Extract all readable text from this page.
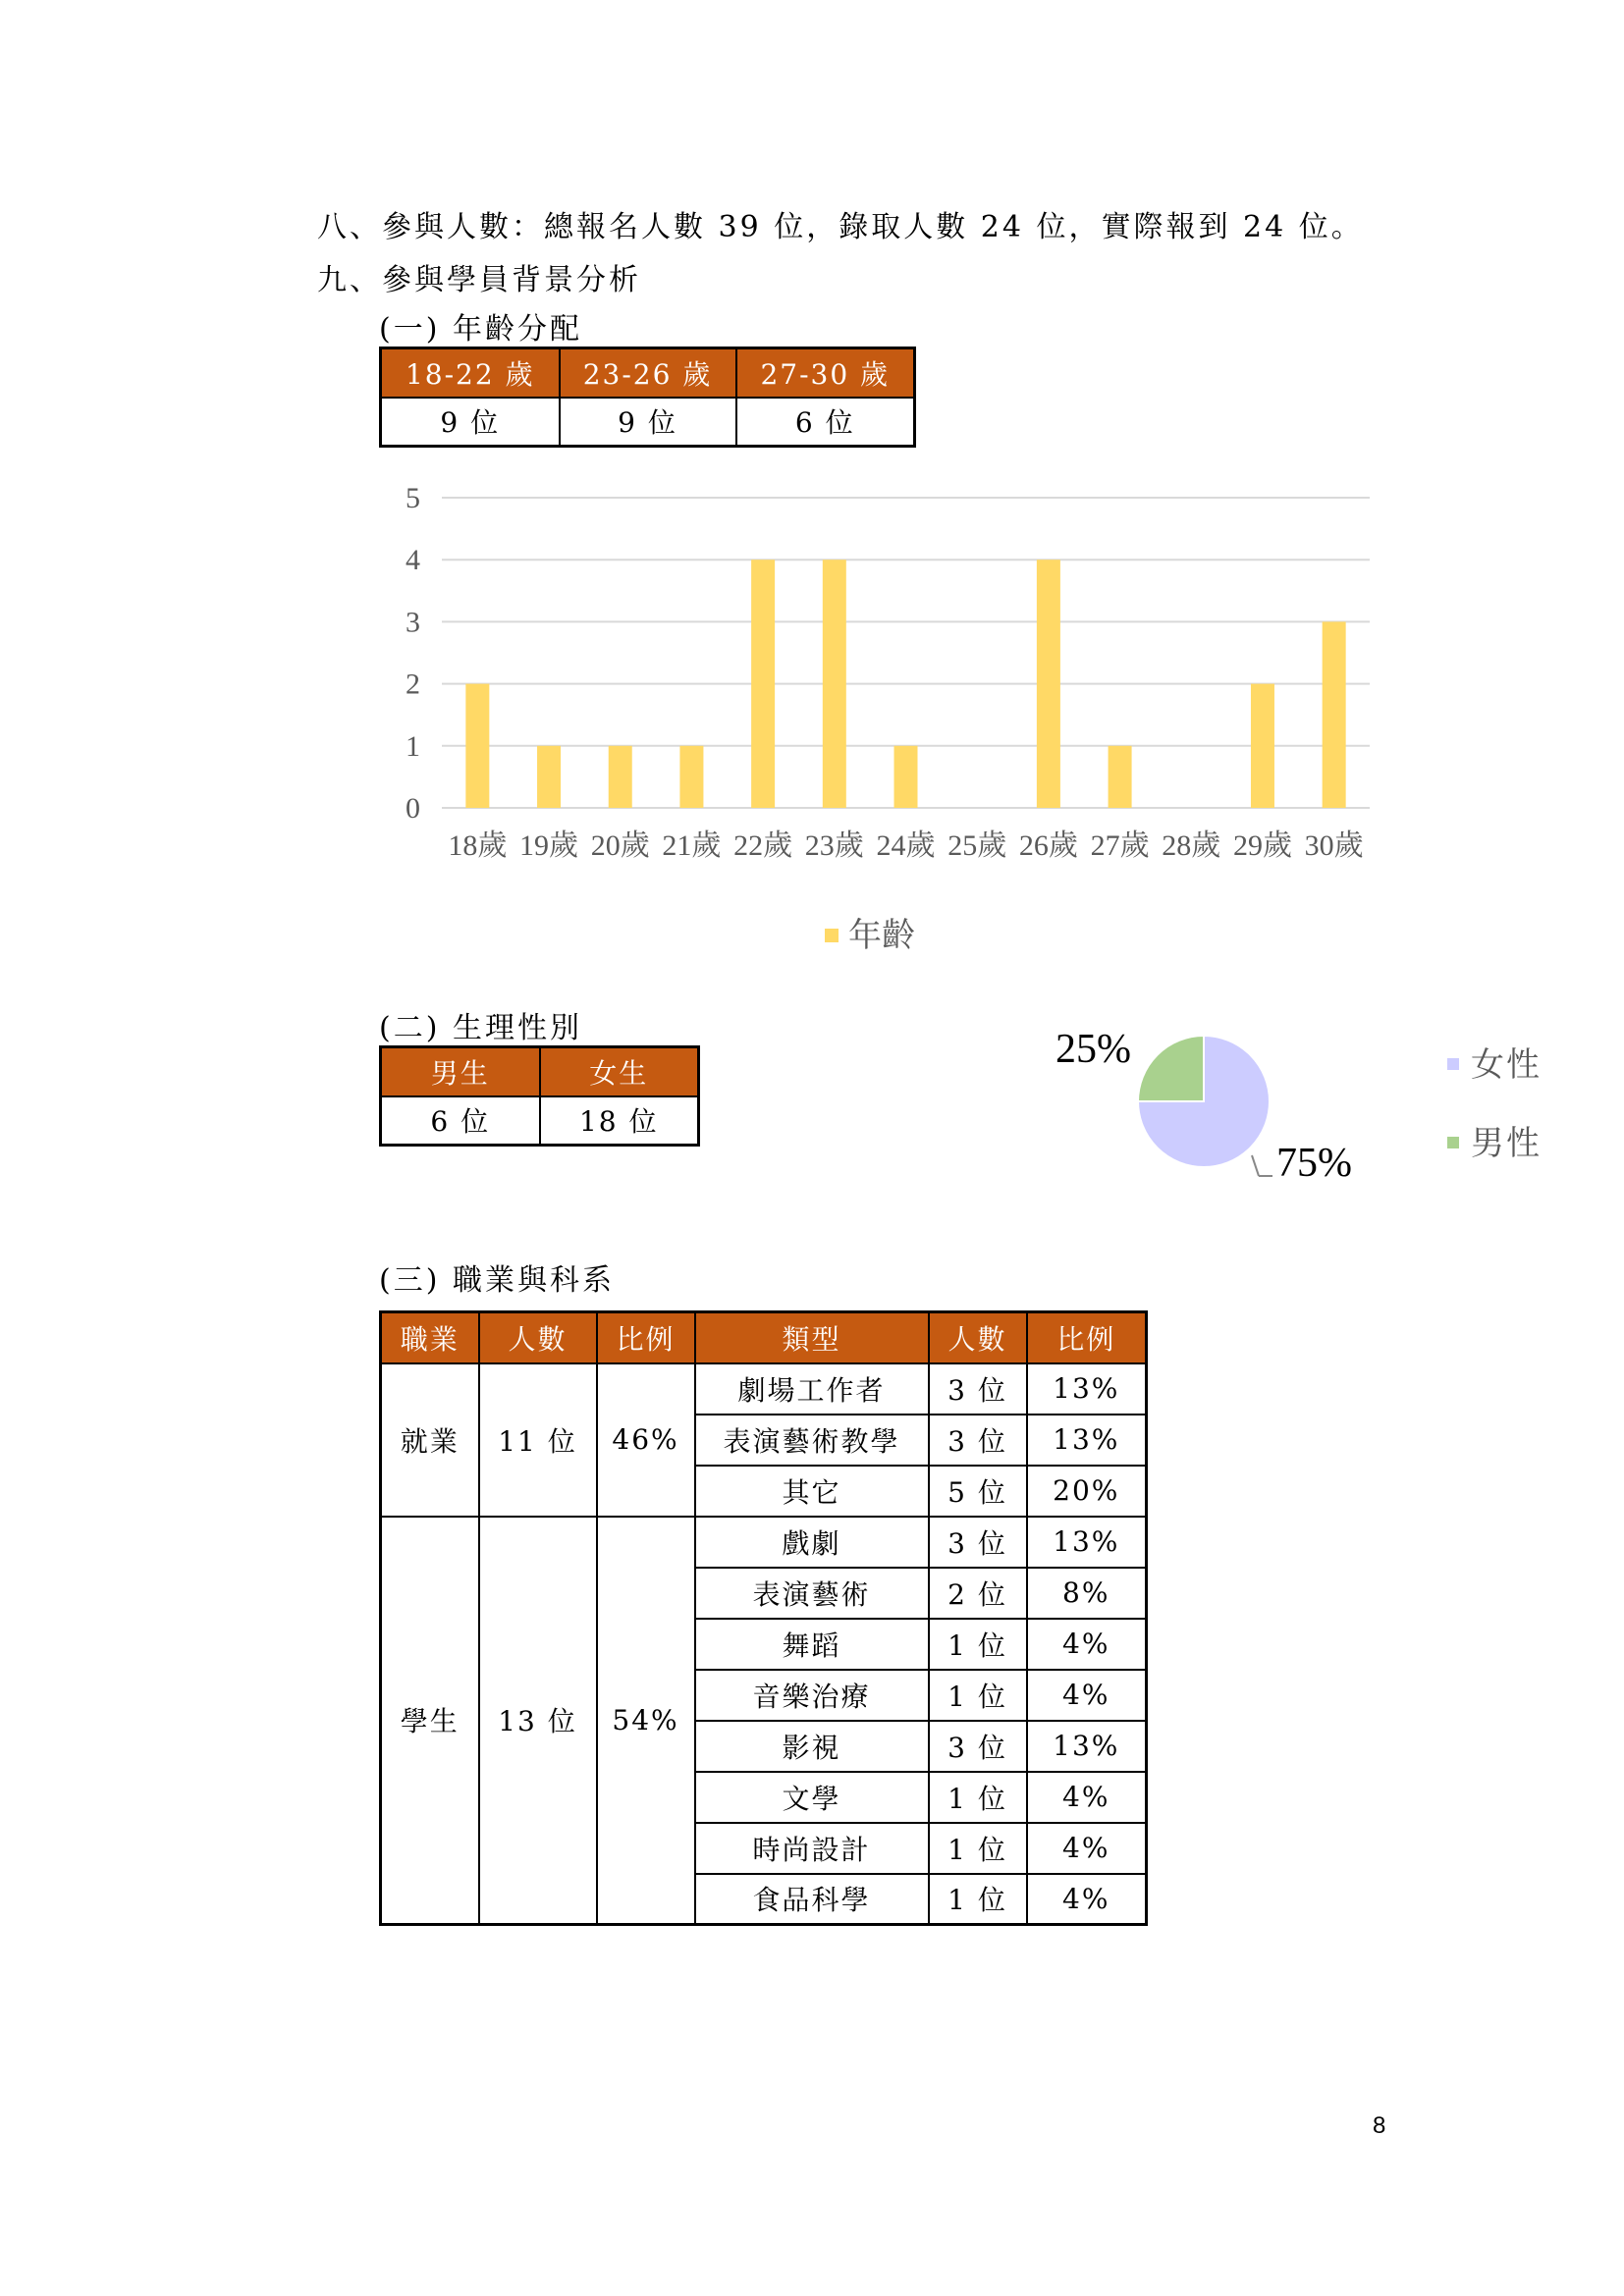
八、參與人數：總報名人數 39 位，錄取人數 24 位，實際報到 24 位。
九、參與學員背景分析
(一) 年齡分配
18-22 歲	23-26 歲	27-30 歲
9 位	9 位	6 位
0
1
2
3
4
5
18歲 19歲 20歲 21歲 22歲 23歲 24歲 25歲 26歲 27歲 28歲 29歲 30歲
年齡
(二) 生理性別
男生	女生
6 位	18 位
75%
25%	女性
男性
(三) 職業與科系
職業	人數	比例	類型	人數	比例
就業	11 位	46%	劇場工作者	3 位	13%
			表演藝術教學	3 位	13%
			其它	5 位	20%
學生	13 位	54%	戲劇	3 位	13%
			表演藝術	2 位	8%
			舞蹈	1 位	4%
			音樂治療	1 位	4%
			影視	3 位	13%
			文學	1 位	4%
			時尚設計	1 位	4%
			食品科學	1 位	4%
8
